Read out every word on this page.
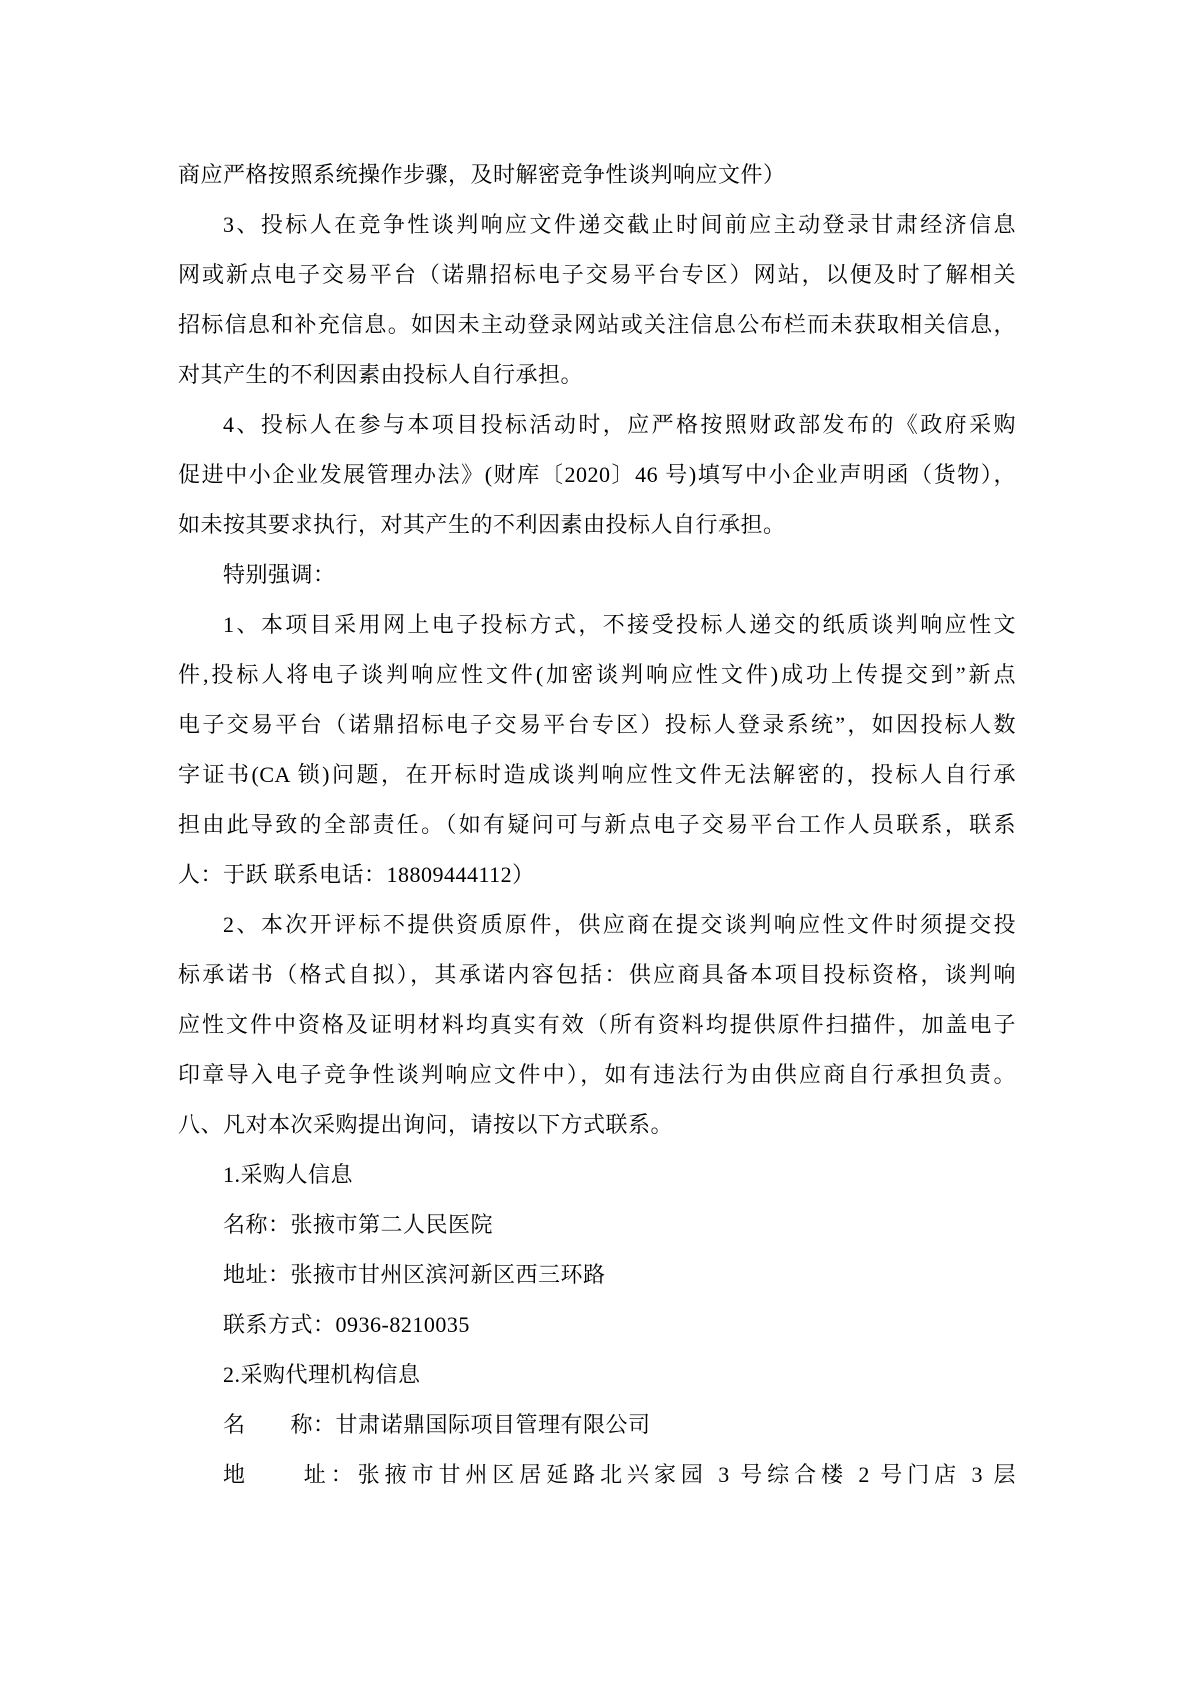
商应严格按照系统操作步骤，及时解密竞争性谈判响应文件）
3、投标人在竞争性谈判响应文件递交截止时间前应主动登录甘肃经济信息
网或新点电子交易平台（诺鼎招标电子交易平台专区）网站，以便及时了解相关
招标信息和补充信息。如因未主动登录网站或关注信息公布栏而未获取相关信息，
对其产生的不利因素由投标人自行承担。
4、投标人在参与本项目投标活动时，应严格按照财政部发布的《政府采购
促进中小企业发展管理办法》(财库〔2020〕46 号)填写中小企业声明函（货物），
如未按其要求执行，对其产生的不利因素由投标人自行承担。
特别强调：
1、本项目采用网上电子投标方式，不接受投标人递交的纸质谈判响应性文
件,投标人将电子谈判响应性文件(加密谈判响应性文件)成功上传提交到”新点
电子交易平台（诺鼎招标电子交易平台专区）投标人登录系统”，如因投标人数
字证书(CA 锁)问题，在开标时造成谈判响应性文件无法解密的，投标人自行承
担由此导致的全部责任。（如有疑问可与新点电子交易平台工作人员联系，联系
人：于跃 联系电话：18809444112）
2、本次开评标不提供资质原件，供应商在提交谈判响应性文件时须提交投
标承诺书（格式自拟），其承诺内容包括：供应商具备本项目投标资格，谈判响
应性文件中资格及证明材料均真实有效（所有资料均提供原件扫描件，加盖电子
印章导入电子竞争性谈判响应文件中），如有违法行为由供应商自行承担负责。
八、凡对本次采购提出询问，请按以下方式联系。
1.采购人信息
名称：张掖市第二人民医院
地址：张掖市甘州区滨河新区西三环路
联系方式：0936-8210035
2.采购代理机构信息
名　　称：甘肃诺鼎国际项目管理有限公司
地　　址：张掖市甘州区居延路北兴家园 3 号综合楼 2 号门店 3 层
